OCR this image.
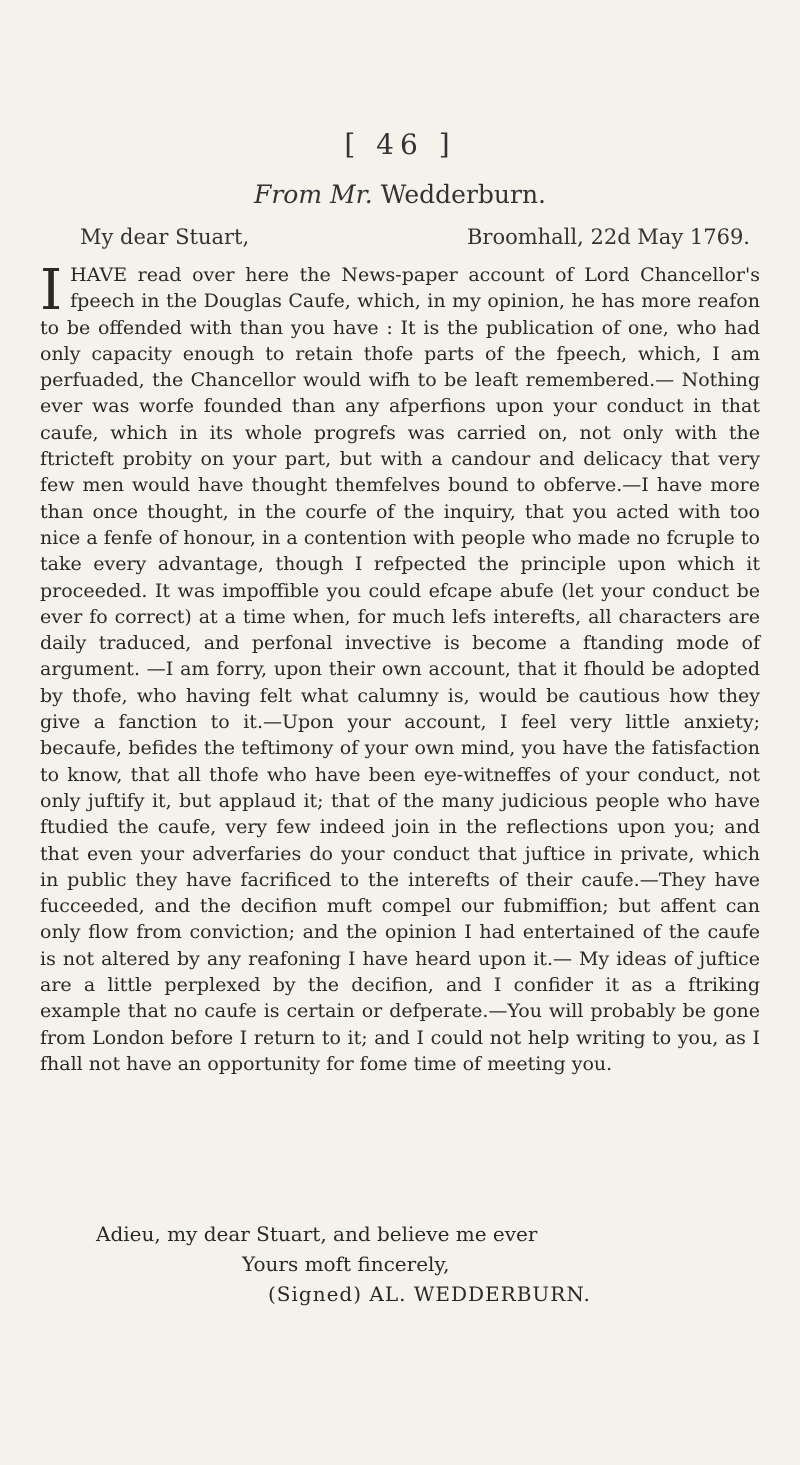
[ 46 ]
From Mr. Wedderburn.
My dear Stuart,	Broomhall, 22d May 1769.
IHAVE read over here the News-paper account of Lord Chancellor's fpeech in the Douglas Caufe, which, in my opinion, he has more reafon to be offended with than you have : It is the publication of one, who had only capacity enough to retain thofe parts of the fpeech, which, I am perfuaded, the Chancellor would wifh to be leaft remembered.— Nothing ever was worfe founded than any afperfions upon your conduct in that caufe, which in its whole progrefs was carried on, not only with the ftricteft probity on your part, but with a candour and delicacy that very few men would have thought themfelves bound to obferve.—I have more than once thought, in the courfe of the inquiry, that you acted with too nice a fenfe of honour, in a contention with people who made no fcruple to take every advantage, though I refpected the principle upon which it proceeded. It was impoffible you could efcape abufe (let your conduct be ever fo correct) at a time when, for much lefs interefts, all characters are daily traduced, and perfonal invective is become a ftanding mode of argument. —I am forry, upon their own account, that it fhould be adopted by thofe, who having felt what calumny is, would be cautious how they give a fanction to it.—Upon your account, I feel very little anxiety; becaufe, befides the teftimony of your own mind, you have the fatisfaction to know, that all thofe who have been eye-witneffes of your conduct, not only juftify it, but applaud it; that of the many judicious people who have ftudied the caufe, very few indeed join in the reflections upon you; and that even your adverfaries do your conduct that juftice in private, which in public they have facrificed to the interefts of their caufe.—They have fucceeded, and the decifion muft compel our fubmiffion; but affent can only flow from conviction; and the opinion I had entertained of the caufe is not altered by any reafoning I have heard upon it.— My ideas of juftice are a little perplexed by the decifion, and I confider it as a ftriking example that no caufe is certain or defperate.—You will probably be gone from London before I return to it; and I could not help writing to you, as I fhall not have an opportunity for fome time of meeting you.
Adieu, my dear Stuart, and believe me ever
Yours moft fincerely,
(Signed) AL. WEDDERBURN.
